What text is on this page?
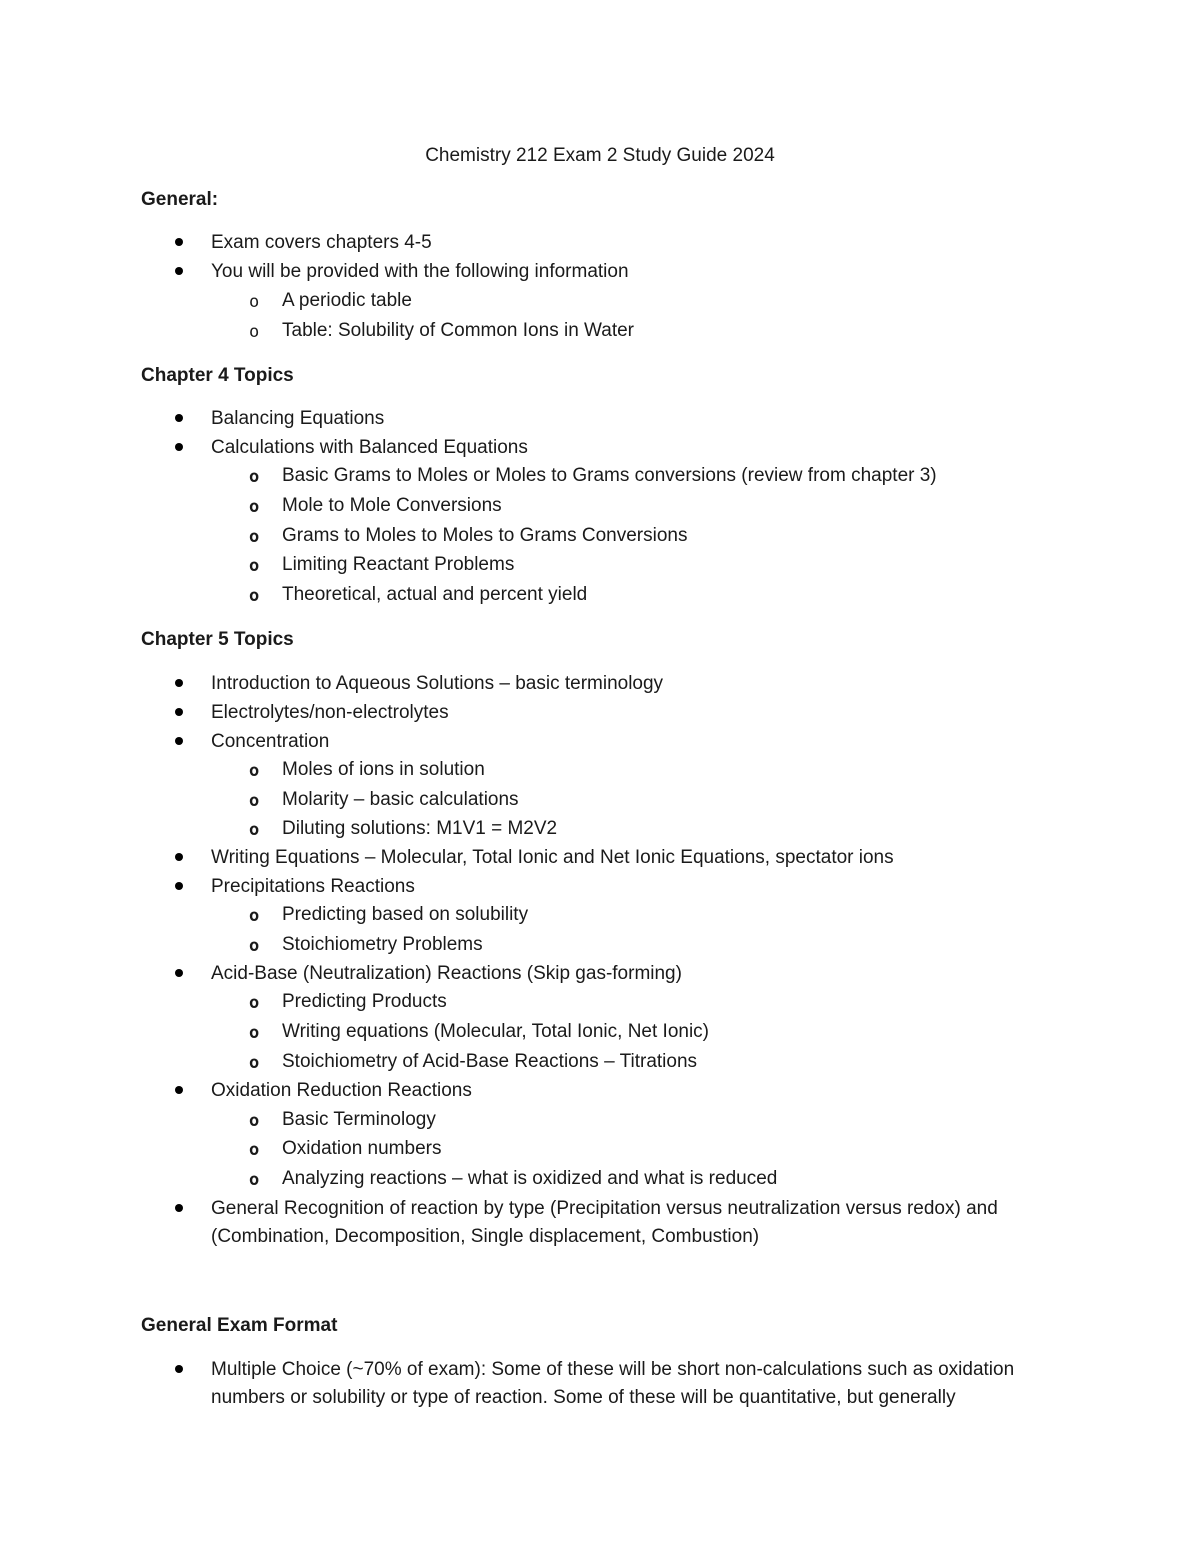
Chemistry 212 Exam 2 Study Guide 2024
General:
Exam covers chapters 4-5
You will be provided with the following information
o A periodic table
o Table: Solubility of Common Ions in Water
Chapter 4 Topics
Balancing Equations
Calculations with Balanced Equations
o Basic Grams to Moles or Moles to Grams conversions (review from chapter 3)
o Mole to Mole Conversions
o Grams to Moles to Moles to Grams Conversions
o Limiting Reactant Problems
o Theoretical, actual and percent yield
Chapter 5 Topics
Introduction to Aqueous Solutions – basic terminology
Electrolytes/non-electrolytes
Concentration
o Moles of ions in solution
o Molarity – basic calculations
o Diluting solutions: M1V1 = M2V2
Writing Equations – Molecular, Total Ionic and Net Ionic Equations, spectator ions
Precipitations Reactions
o Predicting based on solubility
o Stoichiometry Problems
Acid-Base (Neutralization) Reactions (Skip gas-forming)
o Predicting Products
o Writing equations (Molecular, Total Ionic, Net Ionic)
o Stoichiometry of Acid-Base Reactions – Titrations
Oxidation Reduction Reactions
o Basic Terminology
o Oxidation numbers
o Analyzing reactions – what is oxidized and what is reduced
General Recognition of reaction by type (Precipitation versus neutralization versus redox) and
(Combination, Decomposition, Single displacement, Combustion)
General Exam Format
Multiple Choice (~70% of exam): Some of these will be short non-calculations such as oxidation
numbers or solubility or type of reaction. Some of these will be quantitative, but generally
